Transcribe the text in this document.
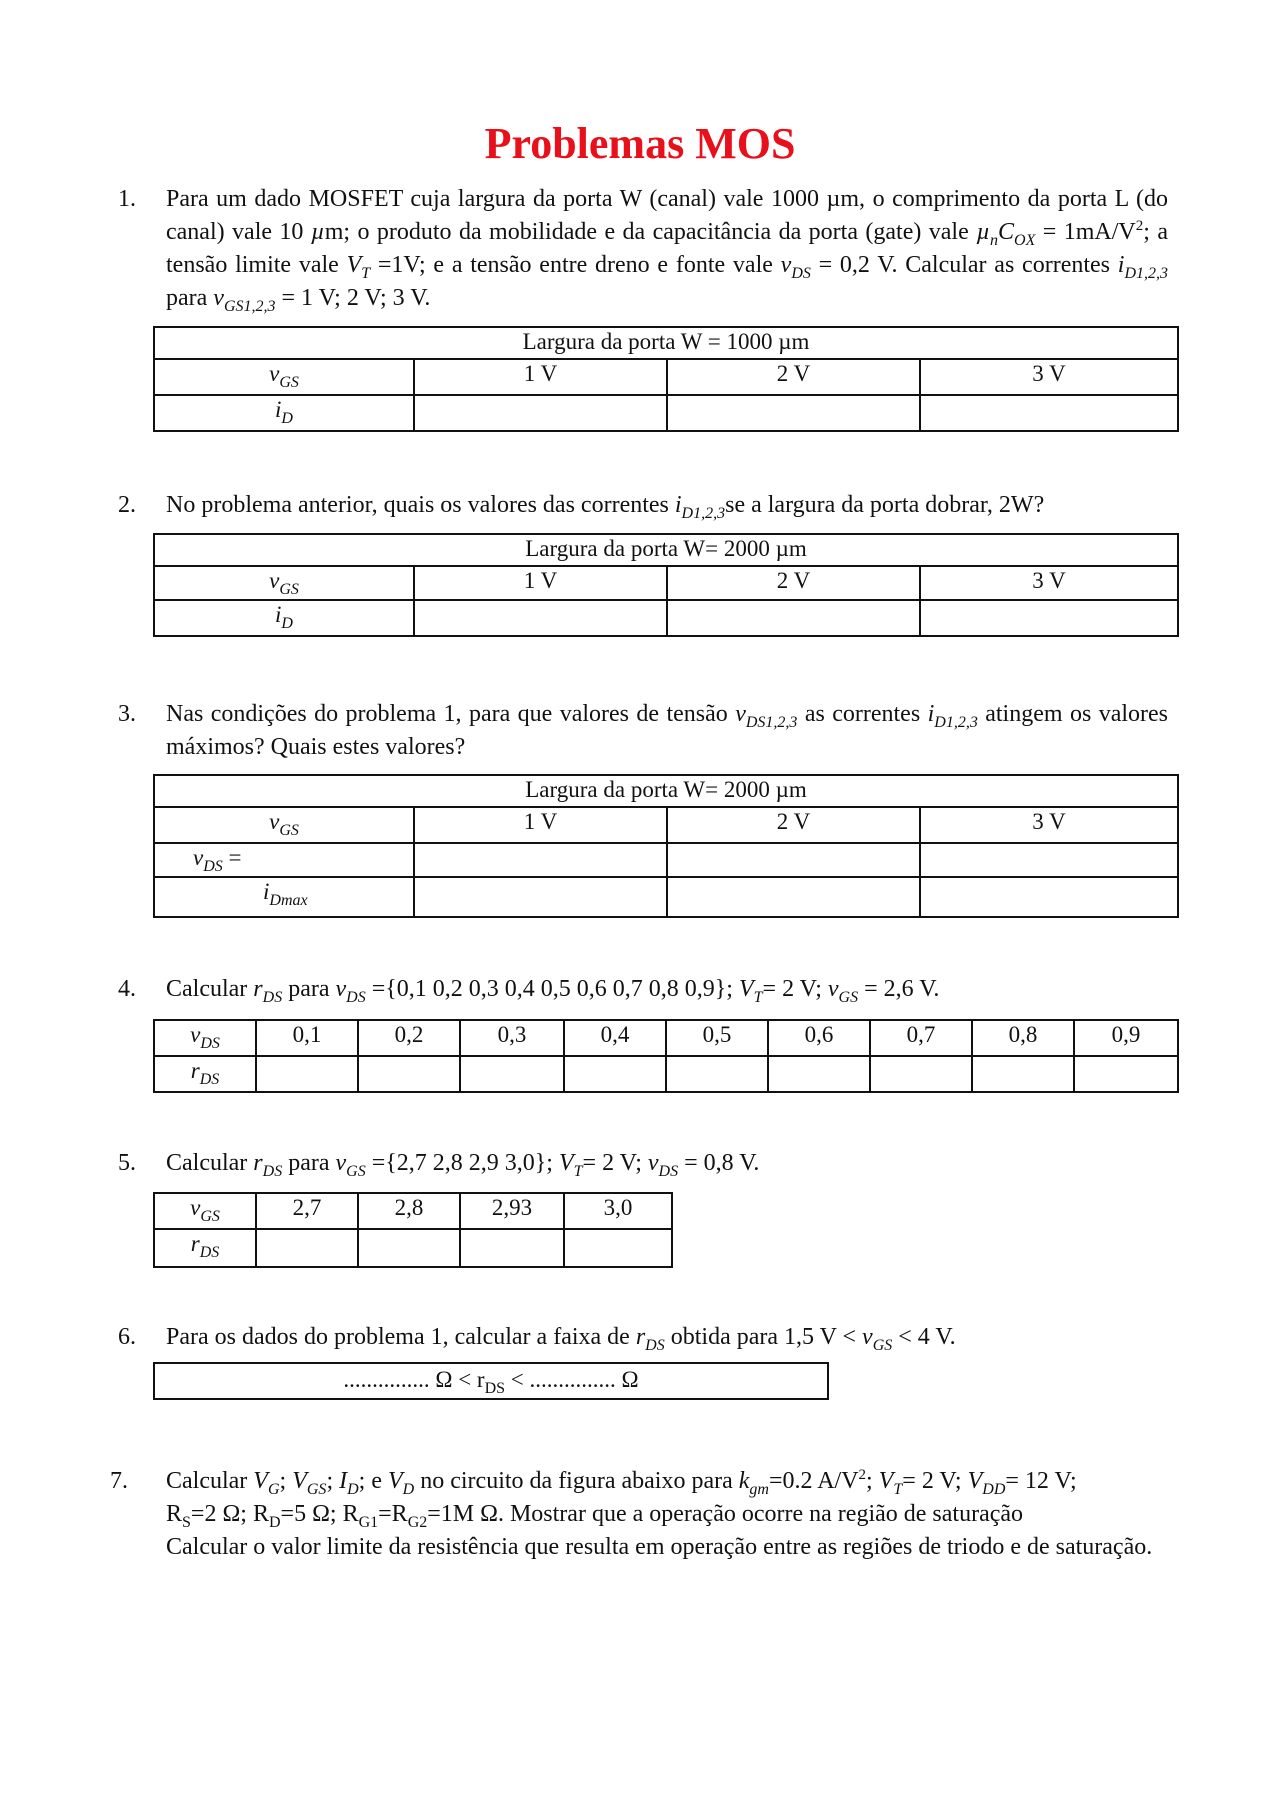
Problemas MOS
1.	Para um dado MOSFET cuja largura da porta W (canal) vale 1000 µm, o comprimento da porta L (do canal) vale 10 µm; o produto da mobilidade e da capacitância da porta (gate) vale $\mu_nC_{OX} = 1mA/V^2$; a tensão limite vale $V_T =1V$; e a tensão entre dreno e fonte vale $v_{DS} = 0,2$ V. Calcular as correntes $i_{D1,2,3}$ para $v_{GS1,2,3} = 1$ V; 2 V; 3 V.
Largura da porta W = 1000 µm			
$v_{GS}$	1 V	2 V	3 V
$i_D$			
2.	No problema anterior, quais os valores das correntes $i_{D1,2,3}se$ a largura da porta dobrar, 2W?
Largura da porta W= 2000 µm			
$v_{GS}$	1 V	2 V	3 V
$i_D$			
3.	Nas condições do problema 1, para que valores de tensão $v_{DS1,2,3}$ as correntes $i_{D1,2,3}$ atingem os valores máximos? Quais estes valores?
Largura da porta W= 2000 µm			
$v_{GS}$	1 V	2 V	3 V
$v_{DS}$ =			
$i_{Dmax}$			
4.	Calcular $r_{DS}$ para $v_{DS} =\{0,1$ 0,2 0,3 0,4 0,5 0,6 0,7 0,8 0,9}; $V_T= 2$ V; $v_{GS} = 2,6$ V.
$v_{DS}$	0,1	0,2	0,3	0,4	0,5	0,6	0,7	0,8	0,9
$r_{DS}$									
5.	Calcular $r_{DS}$ para $v_{GS} =\{2,7$ 2,8 2,9 3,0}; $V_T= 2$ V; $v_{DS} = 0,8$ V.
$v_{GS}$	2,7	2,8	2,93	3,0
$r_{DS}$				
6.	Para os dados do problema 1, calcular a faixa de $r_{DS}$ obtida para 1,5 $V < v_{GS} < 4$ V.
............... $\Omega < r_{DS}$ < ............... Ω
7.	Calcular $V_G$; $V_{GS}$; $I_D$; e $V_D$ no circuito da figura abaixo para $k_{gm}=0.2$ $A/V^2$; $V_T= 2$ V; $V_{DD}= 12$ V;
$R_S=2$ Ω; $R_D=5$ Ω; $R_{G1}=R_{G2}=1M$ Ω. Mostrar que a operação ocorre na região de saturação
Calcular o valor limite da resistência que resulta em operação entre as regiões de triodo e de saturação.
